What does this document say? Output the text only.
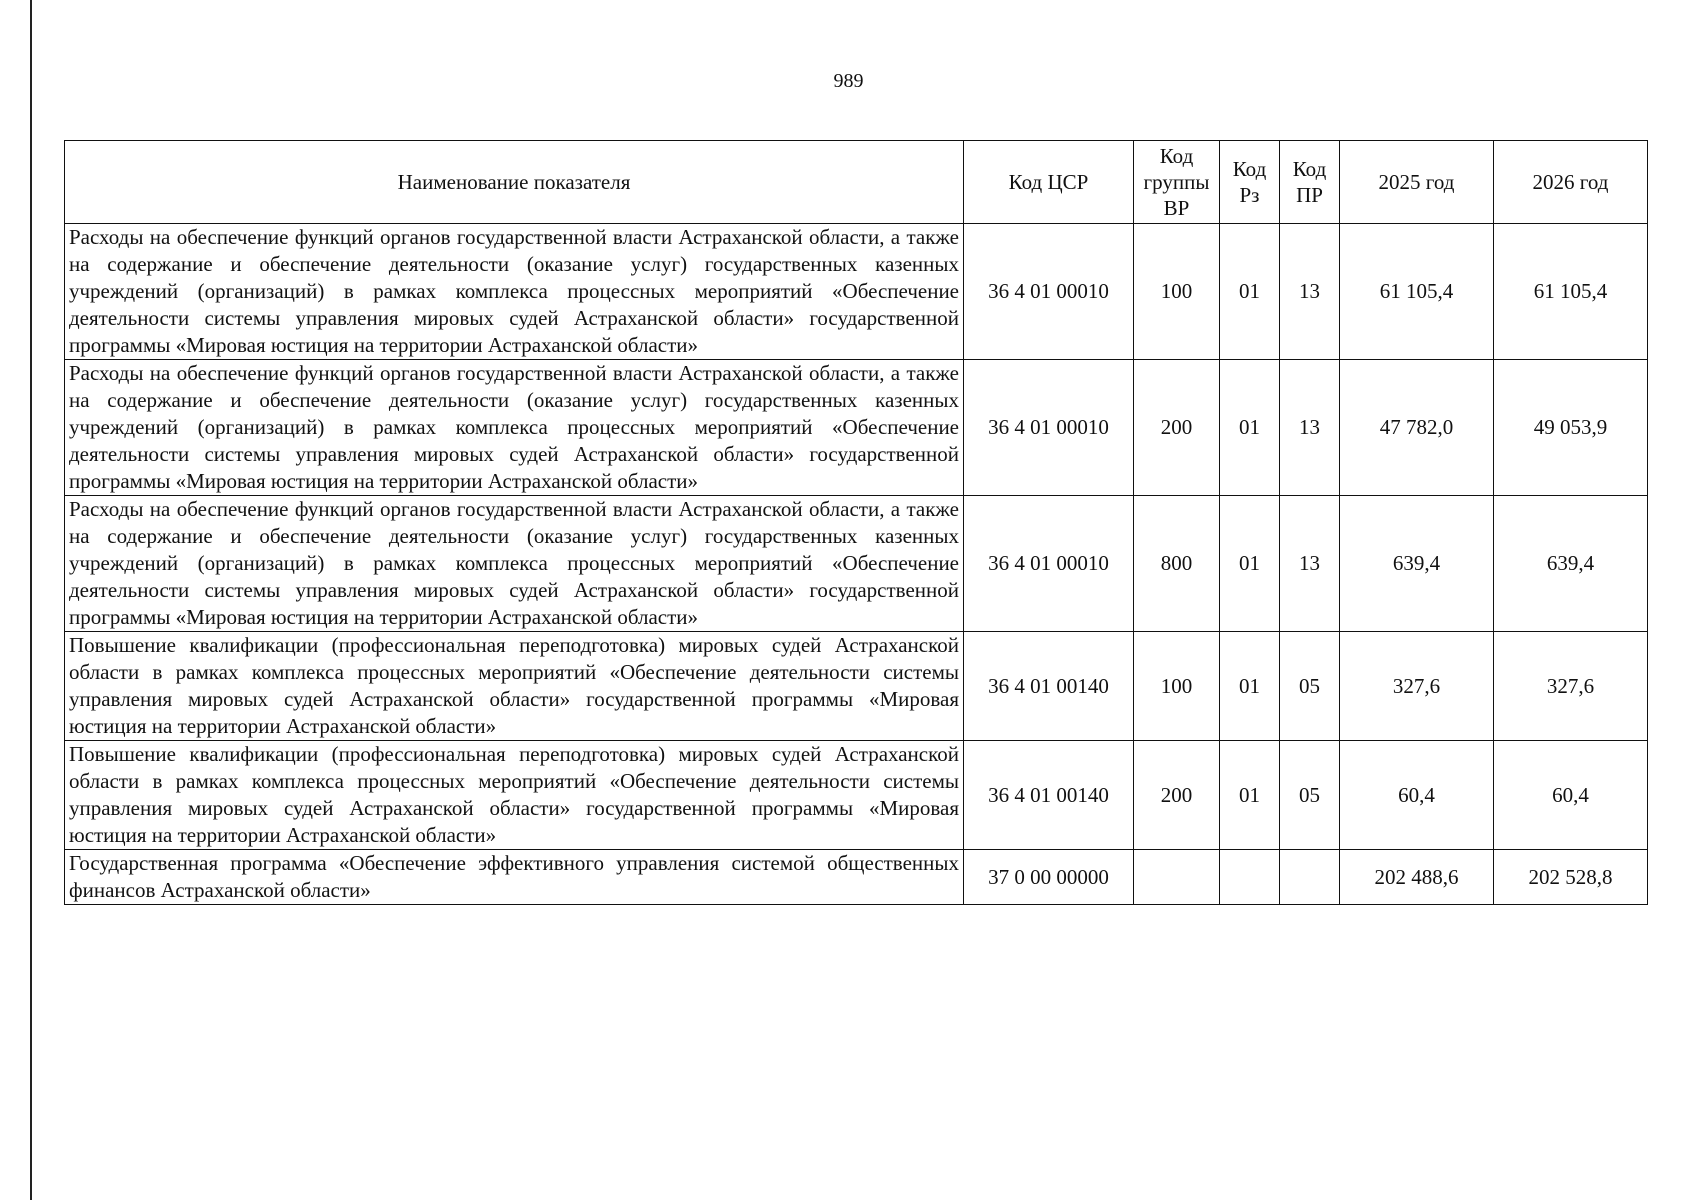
989
Наименование показателя	Код ЦСР	Код группы ВР	Код Рз	Код ПР	2025 год	2026 год
Расходы на обеспечение функций органов государственной власти Астраханской области, а также на содержание и обеспечение деятельности (оказание услуг) государственных казенных учреждений (организаций) в рамках комплекса процессных мероприятий «Обеспечение деятельности системы управления мировых судей Астраханской области» государственной программы «Мировая юстиция на территории Астраханской области»	36 4 01 00010	100	01	13	61 105,4	61 105,4
Расходы на обеспечение функций органов государственной власти Астраханской области, а также на содержание и обеспечение деятельности (оказание услуг) государственных казенных учреждений (организаций) в рамках комплекса процессных мероприятий «Обеспечение деятельности системы управления мировых судей Астраханской области» государственной программы «Мировая юстиция на территории Астраханской области»	36 4 01 00010	200	01	13	47 782,0	49 053,9
Расходы на обеспечение функций органов государственной власти Астраханской области, а также на содержание и обеспечение деятельности (оказание услуг) государственных казенных учреждений (организаций) в рамках комплекса процессных мероприятий «Обеспечение деятельности системы управления мировых судей Астраханской области» государственной программы «Мировая юстиция на территории Астраханской области»	36 4 01 00010	800	01	13	639,4	639,4
Повышение квалификации (профессиональная переподготовка) мировых судей Астраханской области в рамках комплекса процессных мероприятий «Обеспечение деятельности системы управления мировых судей Астраханской области» государственной программы «Мировая юстиция на территории Астраханской области»	36 4 01 00140	100	01	05	327,6	327,6
Повышение квалификации (профессиональная переподготовка) мировых судей Астраханской области в рамках комплекса процессных мероприятий «Обеспечение деятельности системы управления мировых судей Астраханской области» государственной программы «Мировая юстиция на территории Астраханской области»	36 4 01 00140	200	01	05	60,4	60,4
Государственная программа «Обеспечение эффективного управления системой общественных финансов Астраханской области»	37 0 00 00000				202 488,6	202 528,8
